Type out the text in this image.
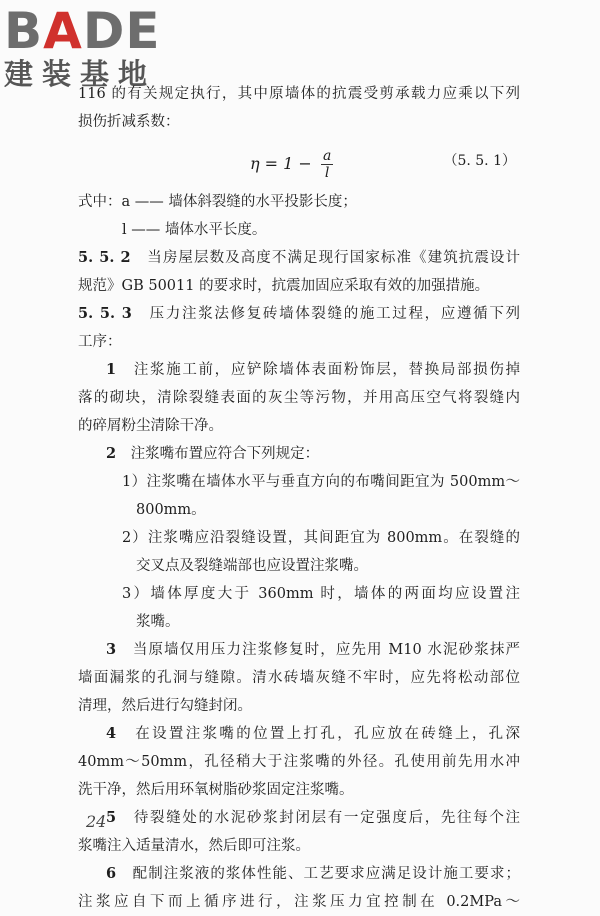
BADE
建装基地
116 的有关规定执行，其中原墙体的抗震受剪承载力应乘以下列
损伤折减系数：
$\eta = 1 - \frac{a}{l}$	（5. 5. 1）
式中：a —— 墙体斜裂缝的水平投影长度；
l —— 墙体水平长度。
5. 5. 2　 当房屋层数及高度不满足现行国家标准《建筑抗震设计
规范》GB 50011 的要求时，抗震加固应采取有效的加强措施。
5. 5. 3　 压力注浆法修复砖墙体裂缝的施工过程，应遵循下列
工序：
1　 注浆施工前，应铲除墙体表面粉饰层，替换局部损伤掉
落的砌块，清除裂缝表面的灰尘等污物，并用高压空气将裂缝内
的碎屑粉尘清除干净。
2　 注浆嘴布置应符合下列规定：
1）注浆嘴在墙体水平与垂直方向的布嘴间距宜为 500mm～
800mm。
2）注浆嘴应沿裂缝设置，其间距宜为 800mm。在裂缝的
交叉点及裂缝端部也应设置注浆嘴。
3）墙体厚度大于 360mm 时，墙体的两面均应设置注
浆嘴。
3　 当原墙仅用压力注浆修复时，应先用 M10 水泥砂浆抹严
墙面漏浆的孔洞与缝隙。清水砖墙灰缝不牢时，应先将松动部位
清理，然后进行勾缝封闭。
4　 在设置注浆嘴的位置上打孔，孔应放在砖缝上，孔深
40mm～50mm，孔径稍大于注浆嘴的外径。孔使用前先用水冲
洗干净，然后用环氧树脂砂浆固定注浆嘴。
5　 待裂缝处的水泥砂浆封闭层有一定强度后，先往每个注
浆嘴注入适量清水，然后即可注浆。
6　 配制注浆液的浆体性能、工艺要求应满足设计施工要求；
注浆应自下而上循序进行，注浆压力宜控制在 0.2MPa～
24
